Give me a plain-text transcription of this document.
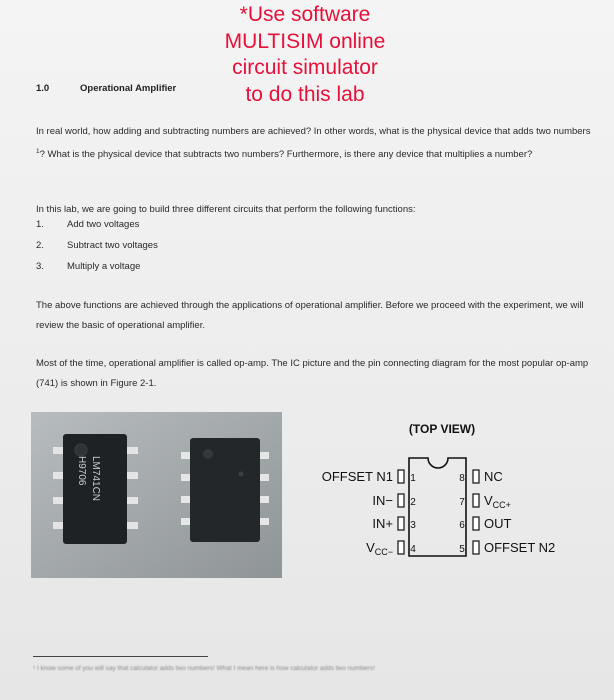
*Use software
MULTISIM online
circuit simulator
to do this lab
1.0	Operational Amplifier
In real world, how adding and subtracting numbers are achieved? In other words, what is the physical device that adds two numbers $^1$? What is the physical device that subtracts two numbers? Furthermore, is there any device that multiplies a number?
In this lab, we are going to build three different circuits that perform the following functions:
1. Add two voltages
2. Subtract two voltages
3. Multiply a voltage
The above functions are achieved through the applications of operational amplifier. Before we proceed with the experiment, we will review the basic of operational amplifier.
Most of the time, operational amplifier is called op-amp. The IC picture and the pin connecting diagram for the most popular op-amp (741) is shown in Figure 2-1.
LM741CN
H9706
(TOP VIEW)
OFFSET N1 1
IN− 2
IN+ 3
$V_{CC-}$ 4
8 NC
7 $V_{CC+}$
6 OUT
5 OFFSET N2
¹ I know some of you will say that calculator adds two numbers! What I mean here is how calculator adds two numbers!
